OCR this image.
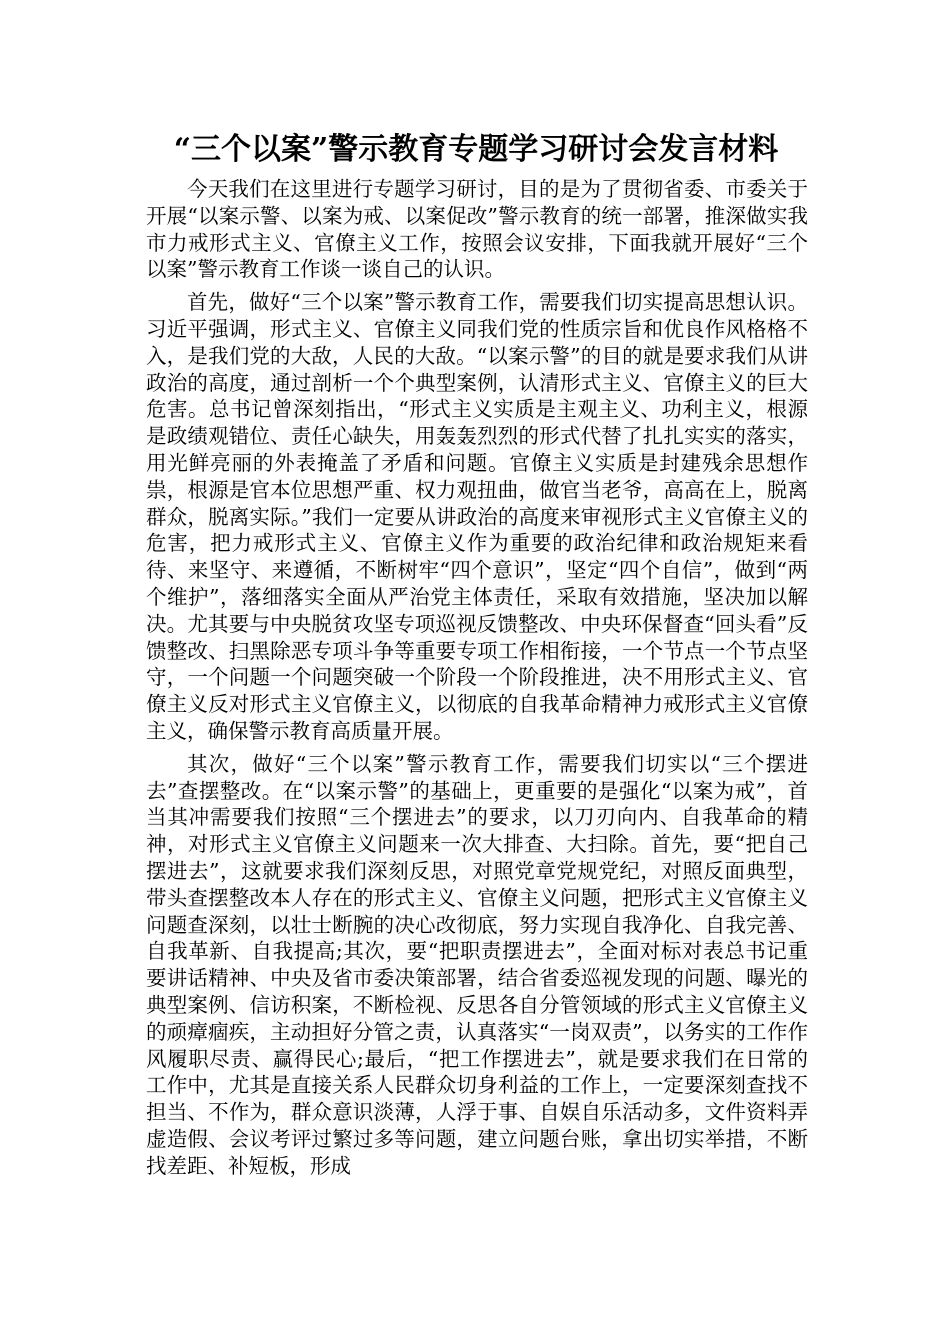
“三个以案”警示教育专题学习研讨会发言材料

今天我们在这里进行专题学习研讨，目的是为了贯彻省委、市委关于开展“以案示警、以案为戒、以案促改”警示教育的统一部署，推深做实我市力戒形式主义、官僚主义工作，按照会议安排，下面我就开展好“三个以案”警示教育工作谈一谈自己的认识。

首先，做好“三个以案”警示教育工作，需要我们切实提高思想认识。习近平强调，形式主义、官僚主义同我们党的性质宗旨和优良作风格格不入，是我们党的大敌，人民的大敌。“以案示警”的目的就是要求我们从讲政治的高度，通过剖析一个个典型案例，认清形式主义、官僚主义的巨大危害。总书记曾深刻指出，“形式主义实质是主观主义、功利主义，根源是政绩观错位、责任心缺失，用轰轰烈烈的形式代替了扎扎实实的落实，用光鲜亮丽的外表掩盖了矛盾和问题。官僚主义实质是封建残余思想作祟，根源是官本位思想严重、权力观扭曲，做官当老爷，高高在上，脱离群众，脱离实际。”我们一定要从讲政治的高度来审视形式主义官僚主义的危害，把力戒形式主义、官僚主义作为重要的政治纪律和政治规矩来看待、来坚守、来遵循，不断树牢“四个意识”，坚定“四个自信”，做到“两个维护”，落细落实全面从严治党主体责任，采取有效措施，坚决加以解决。尤其要与中央脱贫攻坚专项巡视反馈整改、中央环保督查“回头看”反馈整改、扫黑除恶专项斗争等重要专项工作相衔接，一个节点一个节点坚守，一个问题一个问题突破一个阶段一个阶段推进，决不用形式主义、官僚主义反对形式主义官僚主义，以彻底的自我革命精神力戒形式主义官僚主义，确保警示教育高质量开展。

其次，做好“三个以案”警示教育工作，需要我们切实以“三个摆进去”查摆整改。在“以案示警”的基础上，更重要的是强化“以案为戒”，首当其冲需要我们按照“三个摆进去”的要求，以刀刃向内、自我革命的精神，对形式主义官僚主义问题来一次大排查、大扫除。首先，要“把自己摆进去”，这就要求我们深刻反思，对照党章党规党纪，对照反面典型，带头查摆整改本人存在的形式主义、官僚主义问题，把形式主义官僚主义问题查深刻，以壮士断腕的决心改彻底，努力实现自我净化、自我完善、自我革新、自我提高;其次，要“把职责摆进去”，全面对标对表总书记重要讲话精神、中央及省市委决策部署，结合省委巡视发现的问题、曝光的典型案例、信访积案，不断检视、反思各自分管领域的形式主义官僚主义的顽瘴痼疾，主动担好分管之责，认真落实“一岗双责”，以务实的工作作风履职尽责、赢得民心;最后，“把工作摆进去”，就是要求我们在日常的工作中，尤其是直接关系人民群众切身利益的工作上，一定要深刻查找不担当、不作为，群众意识淡薄，人浮于事、自娱自乐活动多，文件资料弄虚造假、会议考评过繁过多等问题，建立问题台账，拿出切实举措，不断找差距、补短板，形成
